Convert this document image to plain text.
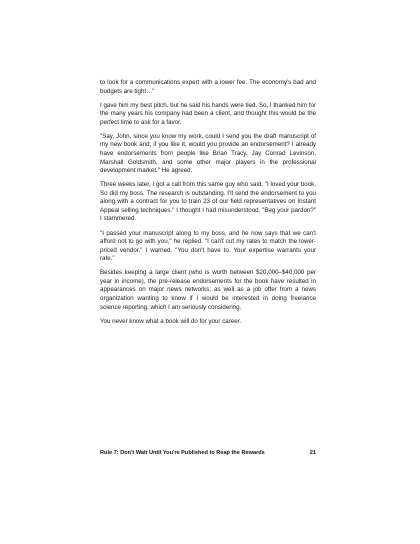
to look for a communications expert with a lower fee. The economy's bad and budgets are tight…"

I gave him my best pitch, but he said his hands were tied. So, I thanked him for the many years his company had been a client, and thought this would be the perfect time to ask for a favor.

"Say, John, since you know my work, could I send you the draft manuscript of my new book and, if you like it, would you provide an endorsement? I already have endorsements from people like Brian Tracy, Jay Conrad Levinson, Marshall Goldsmith, and some other major players in the professional development market." He agreed.

Three weeks later, I got a call from this same guy who said, "I loved your book. So did my boss. The research is outstanding. I'll send the endorsement to you along with a contract for you to train 23 of our field representatives on Instant Appeal selling techniques." I thought I had misunderstood. "Beg your pardon?" I stammered.

"I passed your manuscript along to my boss, and he now says that we can't afford not to go with you," he replied. "I can't cut my rates to match the lower-priced vendor," I warned. "You don't have to. Your expertise warrants your rate."

Besides keeping a large client (who is worth between $20,000–$40,000 per year in income), the pre-release endorsements for the book have resulted in appearances on major news networks, as well as a job offer from a news organization wanting to know if I would be interested in doing freelance science reporting, which I am seriously considering.

You never know what a book will do for your career.

Rule 7: Don't Wait Until You're Published to Reap the Rewards	21
